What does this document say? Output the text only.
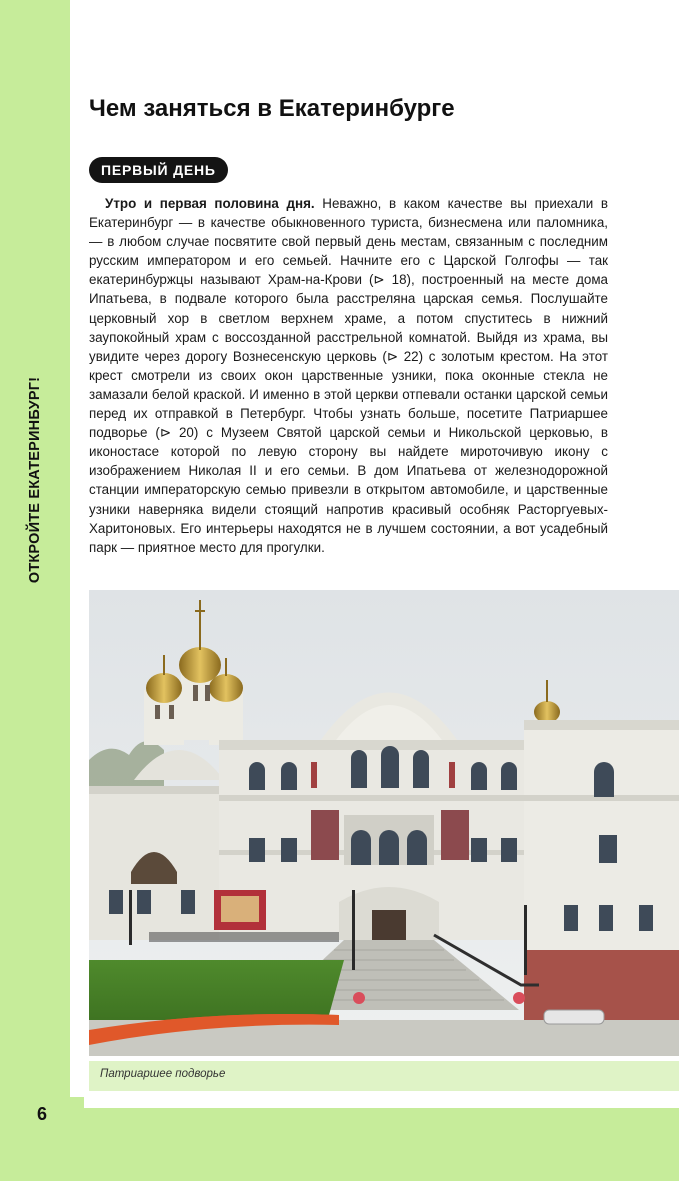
ОТКРОЙТЕ ЕКАТЕРИНБУРГ!
Чем заняться в Екатеринбурге
ПЕРВЫЙ ДЕНЬ

Утро и первая половина дня. Неважно, в каком качестве вы приехали в Екатеринбург — в качестве обыкновенного туриста, бизнесмена или паломника, — в любом случае посвятите свой первый день местам, связанным с последним русским императором и его семьей. Начните его с Царской Голгофы — так екатеринбуржцы называют Храм-на-Крови (⊳ 18), построенный на месте дома Ипатьева, в подвале которого была расстреляна царская семья. Послушайте церковный хор в светлом верхнем храме, а потом спуститесь в нижний заупокойный храм с воссозданной расстрельной комнатой. Выйдя из храма, вы увидите через дорогу Вознесенскую церковь (⊳ 22) с золотым крестом. На этот крест смотрели из своих окон царственные узники, пока оконные стекла не замазали белой краской. И именно в этой церкви отпевали останки царской семьи перед их отправкой в Петербург. Чтобы узнать больше, посетите Патриаршее подворье (⊳ 20) с Музеем Святой царской семьи и Никольской церковью, в иконостасе которой по левую сторону вы найдете мироточивую икону с изображением Николая II и его семьи. В дом Ипатьева от железнодорожной станции императорскую семью привезли в открытом автомобиле, и царственные узники наверняка видели стоящий напротив красивый особняк Расторгуевых-Харитоновых. Его интерьеры находятся не в лучшем состоянии, а вот усадебный парк — приятное место для прогулки.

Патриаршее подворье
6
